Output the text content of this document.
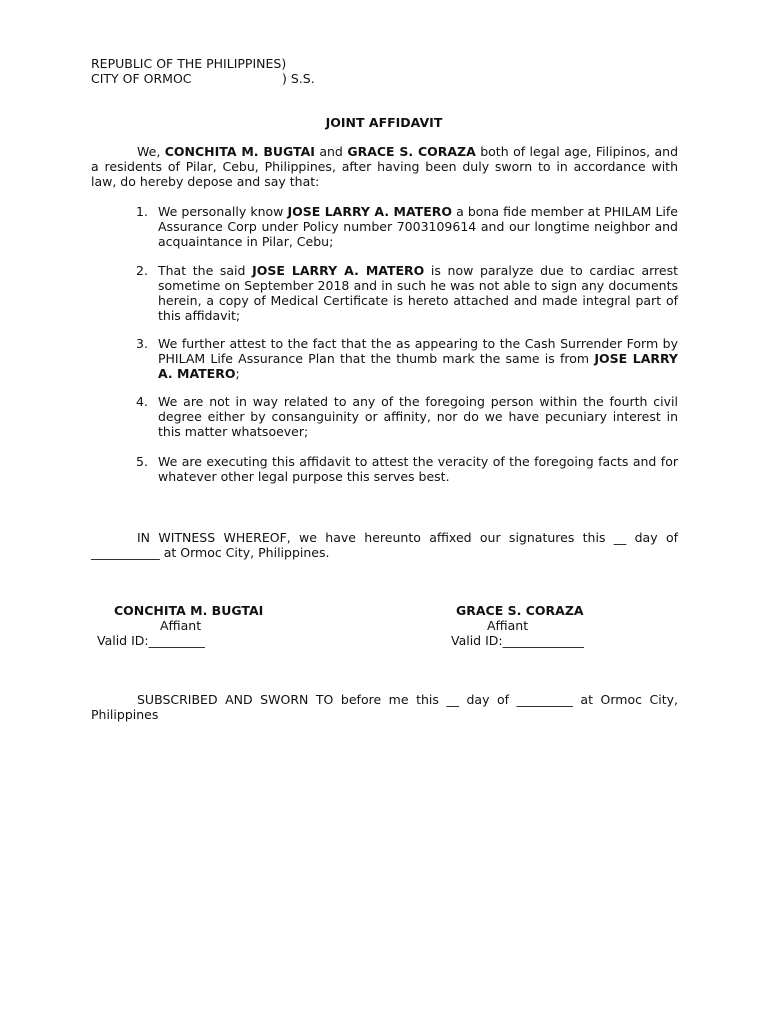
REPUBLIC OF THE PHILIPPINES)
CITY OF ORMOC	) S.S.
JOINT AFFIDAVIT
We, CONCHITA M. BUGTAI and GRACE S. CORAZA both of legal age, Filipinos, and a residents of Pilar, Cebu, Philippines, after having been duly sworn to in accordance with law, do hereby depose and say that:
1. We personally know JOSE LARRY A. MATERO a bona fide member at PHILAM Life Assurance Corp under Policy number 7003109614 and our longtime neighbor and acquaintance in Pilar, Cebu;
2. That the said JOSE LARRY A. MATERO is now paralyze due to cardiac arrest sometime on September 2018 and in such he was not able to sign any documents herein, a copy of Medical Certificate is hereto attached and made integral part of this affidavit;
3. We further attest to the fact that the as appearing to the Cash Surrender Form by PHILAM Life Assurance Plan that the thumb mark the same is from JOSE LARRY A. MATERO;
4. We are not in way related to any of the foregoing person within the fourth civil degree either by consanguinity or affinity, nor do we have pecuniary interest in this matter whatsoever;
5. We are executing this affidavit to attest the veracity of the foregoing facts and for whatever other legal purpose this serves best.
IN WITNESS WHEREOF, we have hereunto affixed our signatures this __ day of ___________ at Ormoc City, Philippines.
CONCHITA M. BUGTAI
Affiant
Valid ID:_________
GRACE S. CORAZA
Affiant
Valid ID:_____________
SUBSCRIBED AND SWORN TO before me this __ day of _________ at Ormoc City, Philippines
